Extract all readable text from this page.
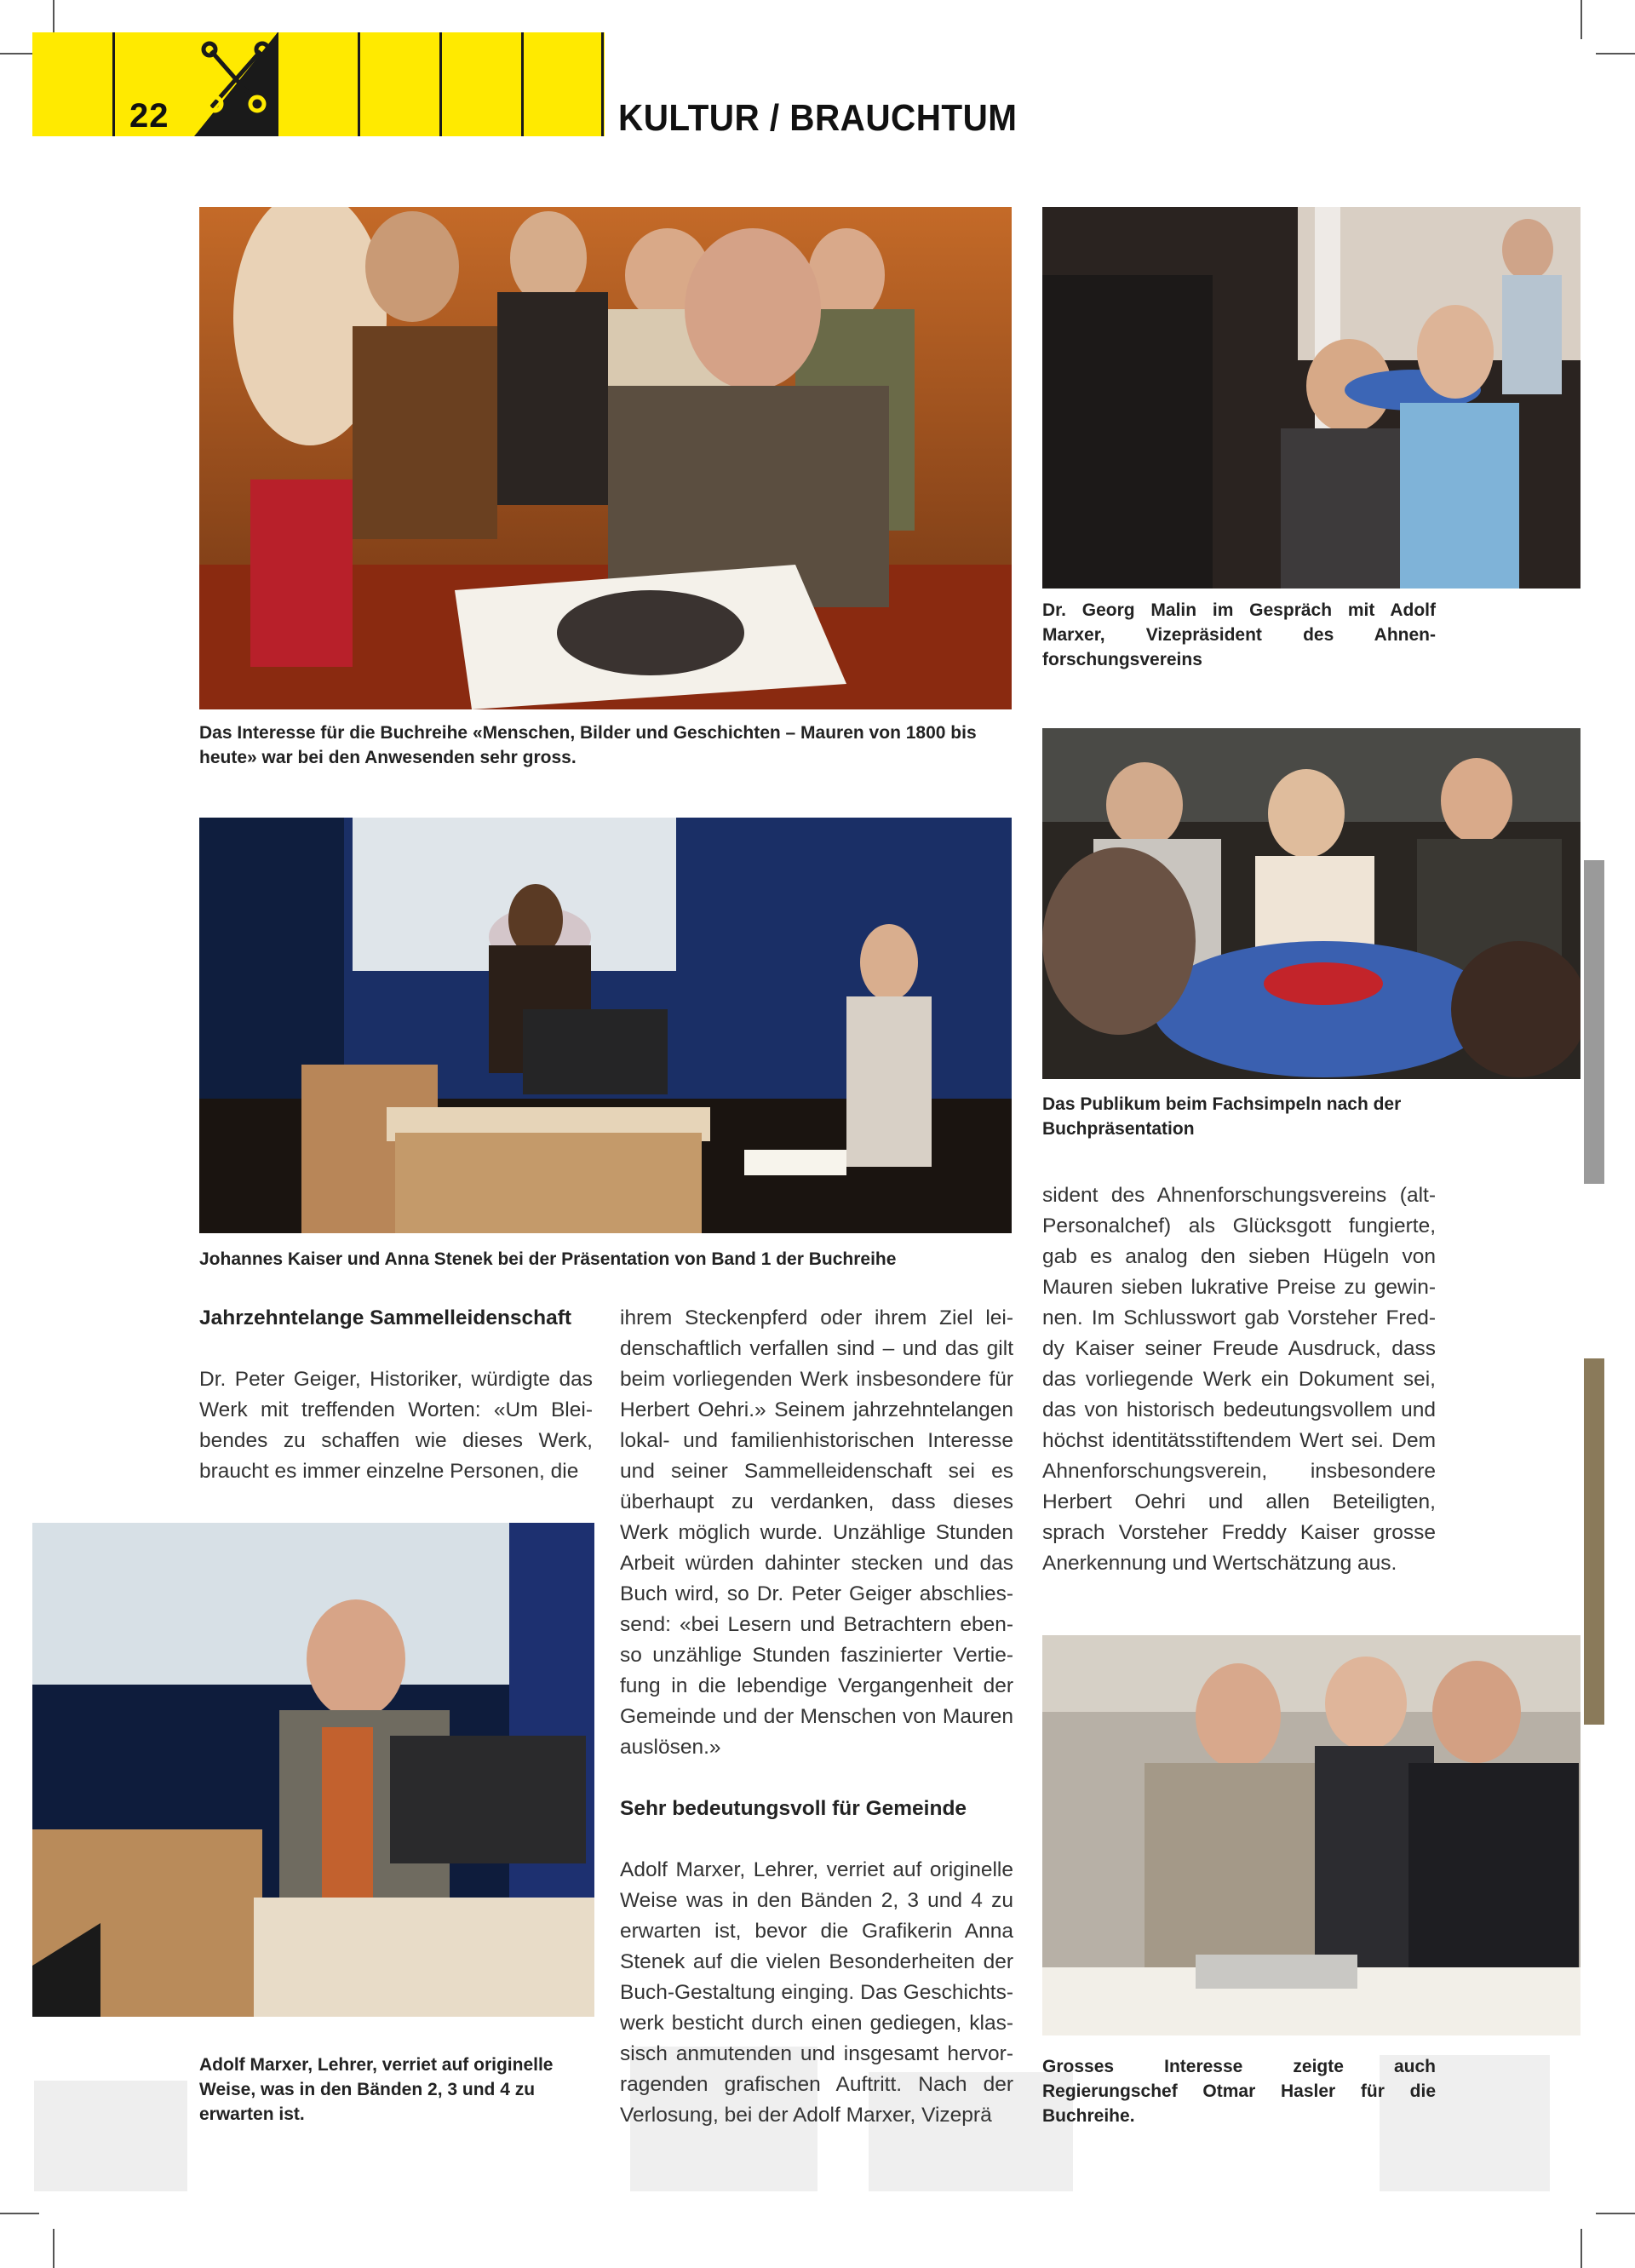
22	KULTUR / BRAUCHTUM
Das Interesse für die Buchreihe «Menschen, Bilder und Geschichten – Mauren von 1800 bis heute» war bei den Anwesenden sehr gross.
Dr. Georg Malin im Gespräch mit Adolf Marxer, Vizepräsident des Ahnenforschungsvereins
Johannes Kaiser und Anna Stenek bei der Präsentation von Band 1 der Buchreihe
Das Publikum beim Fachsimpeln nach der Buchpräsentation
Adolf Marxer, Lehrer, verriet auf originelle Weise, was in den Bänden 2, 3 und 4 zu erwarten ist.
Grosses Interesse zeigte auch Regierungschef Otmar Hasler für die Buchreihe.

Jahrzehntelange Sammelleidenschaft

Dr. Peter Geiger, Historiker, würdigte das Werk mit treffenden Worten: «Um Bleibendes zu schaffen wie dieses Werk, braucht es immer einzelne Personen, die

ihrem Steckenpferd oder ihrem Ziel leidenschaftlich verfallen sind – und das gilt beim vorliegenden Werk insbesondere für Herbert Oehri.» Seinem jahrzehntelangen lokal- und familienhistorischen Interesse und seiner Sammelleidenschaft sei es überhaupt zu verdanken, dass dieses Werk möglich wurde. Unzählige Stunden Arbeit würden dahinter stecken und das Buch wird, so Dr. Peter Geiger abschliessend: «bei Lesern und Betrachtern ebenso unzählige Stunden faszinierter Vertiefung in die lebendige Vergangenheit der Gemeinde und der Menschen von Mauren auslösen.»

Sehr bedeutungsvoll für Gemeinde

Adolf Marxer, Lehrer, verriet auf originelle Weise was in den Bänden 2, 3 und 4 zu erwarten ist, bevor die Grafikerin Anna Stenek auf die vielen Besonderheiten der Buch-Gestaltung einging. Das Geschichtswerk besticht durch einen gediegen, klassisch anmutenden und insgesamt hervorragenden grafischen Auftritt. Nach der Verlosung, bei der Adolf Marxer, Vizeprä

sident des Ahnenforschungsvereins (alt-Personalchef) als Glücksgott fungierte, gab es analog den sieben Hügeln von Mauren sieben lukrative Preise zu gewinnen. Im Schlusswort gab Vorsteher Freddy Kaiser seiner Freude Ausdruck, dass das vorliegende Werk ein Dokument sei, das von historisch bedeutungsvollem und höchst identitätsstiftendem Wert sei. Dem Ahnenforschungsverein, insbesondere Herbert Oehri und allen Beteiligten, sprach Vorsteher Freddy Kaiser grosse Anerkennung und Wertschätzung aus.
